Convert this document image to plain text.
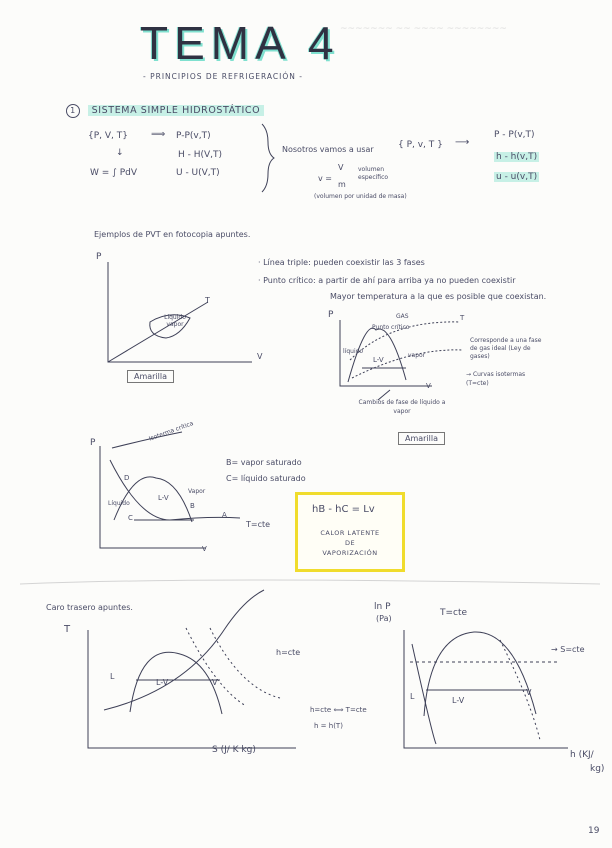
~~~~~~~ ~~ ~~~~ ~~~~~~~~
TEMA 4
- PRINCIPIOS DE REFRIGERACIÓN -
1 SISTEMA SIMPLE HIDROSTÁTICO
{P, V, T} ⟹ P-P(v,T)
↓	H - H(V,T)
W = ∫ PdV	U - U(V,T)
Nosotros vamos a usar	{ P, v, T } ⟶
P - P(v,T)
h - h(v,T)
u - u(v,T)
v =
V
m
volumen específico
(volumen por unidad de masa)
Ejemplos de PVT en fotocopia apuntes.
P
T
V
Líquido vapor
Amarilla
· Línea triple: pueden coexistir las 3 fases
· Punto crítico: a partir de ahí para arriba ya no pueden coexistir
Mayor temperatura a la que es posible que coexistan.
P	GAS	T
Punto crítico
líquido
vapor
L-V
Corresponde a una fase de gas ideal (Ley de gases)
V
→ Curvas isotermas (T=cte)
Cambios de fase de líquido a vapor
Amarilla
P
Isoterma crítica
D
Líquido
L-V
Vapor
C
B
A
T=cte
V
B= vapor saturado
C= líquido saturado
hB - hC = Lv
CALOR LATENTE
DE
VAPORIZACIÓN
Caro trasero apuntes.
T
L
L-V	V
h=cte
S (J/ K kg)
h=cte ⟺ T=cte
h = h(T)
ln P
(Pa)
T=cte
→ S=cte
L	L-V
V
h (KJ/
kg)
19
